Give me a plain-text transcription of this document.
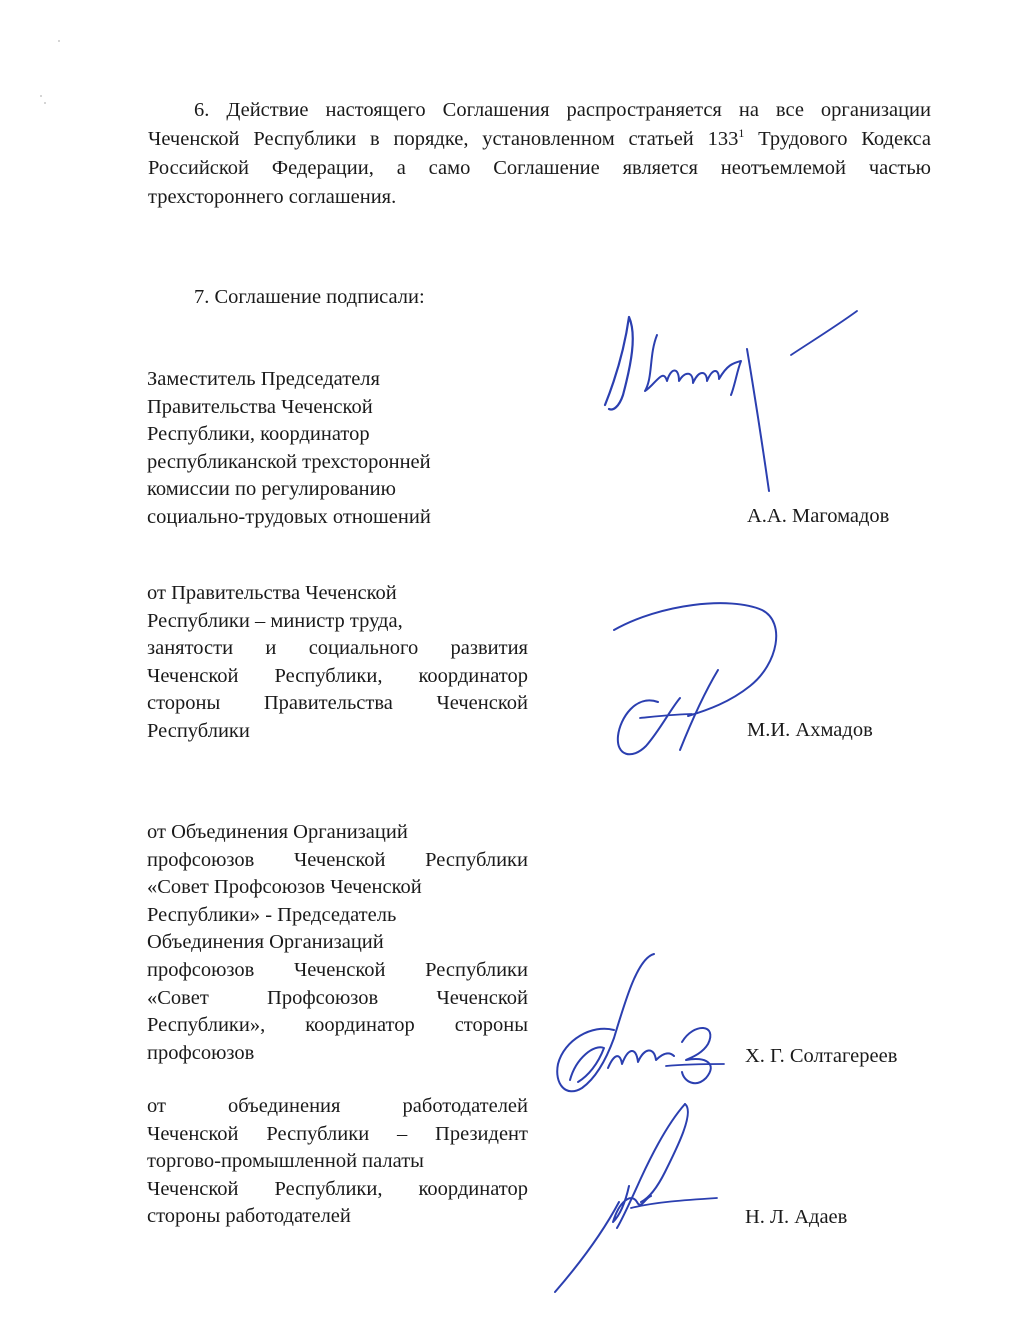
6. Действие настоящего Соглашения распространяется на все организации Чеченской Республики в порядке, установленном статьей $133^1$ Трудового Кодекса Российской Федерации, а само Соглашение является неотъемлемой частью трехстороннего соглашения.

7. Соглашение подписали:

Заместитель Председателя
Правительства Чеченской
Республики, координатор
республиканской трехсторонней
комиссии по регулированию
социально-трудовых отношений	А.А. Магомадов
от Правительства Чеченской
Республики – министр труда,
занятости и социального развития
Чеченской Республики, координатор
стороны Правительства Чеченской
Республики	М.И. Ахмадов
от Объединения Организаций
профсоюзов Чеченской Республики
«Совет Профсоюзов Чеченской
Республики» - Председатель
Объединения Организаций
профсоюзов Чеченской Республики
«Совет Профсоюзов Чеченской
Республики», координатор стороны
профсоюзов	Х. Г. Солтагереев
от объединения работодателей
Чеченской Республики – Президент
торгово-промышленной палаты
Чеченской Республики, координатор
стороны работодателей	Н. Л. Адаев
